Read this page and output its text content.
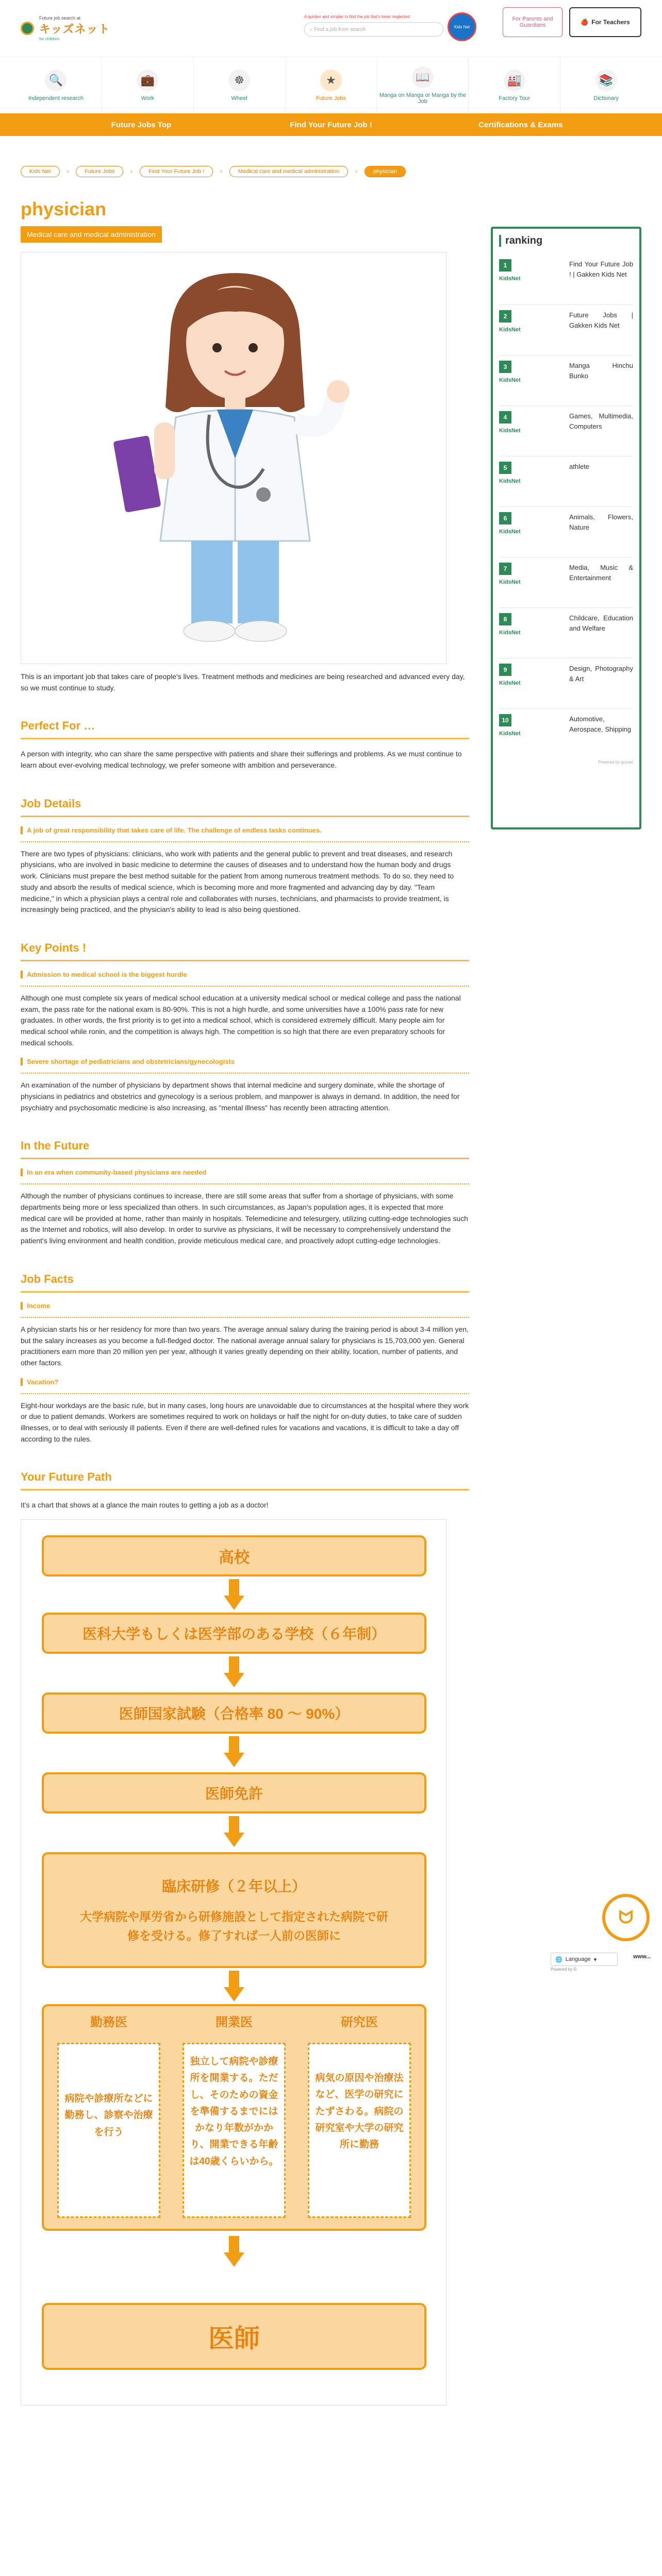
Future job search at
キッズネット
for children
A quicker and simpler to find the job that's been neglected
⌕
Find a job from search	Kids Net
For Parents and Guardians	🍎 For Teachers
🔍
Independent research
💼
Work
☸
Wheel
★
Future Jobs
📖
Manga on Manga or Manga by the Job
🏭
Factory Tour
📚
Dictionary
Future Jobs Top	Find Your Future Job !	Certifications & Exams
Kids Net	›	Future Jobs	›	Find Your Future Job !	›	Medical care and medical administration	›	physician
physician
Medical care and medical administration

This is an important job that takes care of people's lives. Treatment methods and medicines are being researched and advanced every day, so we must continue to study.

Perfect For …

A person with integrity, who can share the same perspective with patients and share their sufferings and problems. As we must continue to learn about ever-evolving medical technology, we prefer someone with ambition and perseverance.

Job Details
A job of great responsibility that takes care of life. The challenge of endless tasks continues.

There are two types of physicians: clinicians, who work with patients and the general public to prevent and treat diseases, and research physicians, who are involved in basic medicine to determine the causes of diseases and to understand how the human body and drugs work. Clinicians must prepare the best method suitable for the patient from among numerous treatment methods. To do so, they need to study and absorb the results of medical science, which is becoming more and more fragmented and advancing day by day. "Team medicine," in which a physician plays a central role and collaborates with nurses, technicians, and pharmacists to provide treatment, is increasingly being practiced, and the physician's ability to lead is also being questioned.

Key Points !
Admission to medical school is the biggest hurdle

Although one must complete six years of medical school education at a university medical school or medical college and pass the national exam, the pass rate for the national exam is 80-90%. This is not a high hurdle, and some universities have a 100% pass rate for new graduates. In other words, the first priority is to get into a medical school, which is considered extremely difficult. Many people aim for medical school while ronin, and the competition is always high. The competition is so high that there are even preparatory schools for medical schools.

Severe shortage of pediatricians and obstetricians/gynecologists

An examination of the number of physicians by department shows that internal medicine and surgery dominate, while the shortage of physicians in pediatrics and obstetrics and gynecology is a serious problem, and manpower is always in demand. In addition, the need for psychiatry and psychosomatic medicine is also increasing, as "mental illness" has recently been attracting attention.

In the Future
In an era when community-based physicians are needed

Although the number of physicians continues to increase, there are still some areas that suffer from a shortage of physicians, with some departments being more or less specialized than others. In such circumstances, as Japan's population ages, it is expected that more medical care will be provided at home, rather than mainly in hospitals. Telemedicine and telesurgery, utilizing cutting-edge technologies such as the Internet and robotics, will also develop. In order to survive as physicians, it will be necessary to comprehensively understand the patient's living environment and health condition, provide meticulous medical care, and proactively adopt cutting-edge technologies.

Job Facts
Income

A physician starts his or her residency for more than two years. The average annual salary during the training period is about 3-4 million yen, but the salary increases as you become a full-fledged doctor. The national average annual salary for physicians is 15,703,000 yen. General practitioners earn more than 20 million yen per year, although it varies greatly depending on their ability, location, number of patients, and other factors.

Vacation?

Eight-hour workdays are the basic rule, but in many cases, long hours are unavoidable due to circumstances at the hospital where they work or due to patient demands. Workers are sometimes required to work on holidays or half the night for on-duty duties, to take care of sudden illnesses, or to deal with seriously ill patients. Even if there are well-defined rules for vacations and vacations, it is difficult to take a day off according to the rules.

Your Future Path

It's a chart that shows at a glance the main routes to getting a job as a doctor!

高校
医科大学もしくは医学部のある学校（６年制）
医師国家試験（合格率 80 ～ 90%）
医師免許
臨床研修（２年以上）
大学病院や厚労省から研修施設として指定された病院で研修を受ける。修了すれば一人前の医師に
勤務医	開業医	研究医
病院や診療所などに勤務し、診察や治療を行う
独立して病院や診療所を開業する。ただし、そのための資金を準備するまでにはかなり年数がかかり、開業できる年齢は40歳くらいから。
病気の原因や治療法など、医学の研究にたずさわる。病院の研究室や大学の研究所に勤務
医師
ranking
1
KidsNet
Find Your Future Job ! | Gakken Kids Net
2
KidsNet
Future Jobs | Gakken Kids Net
3
KidsNet
Manga Hinchu Bunko
4
KidsNet
Games, Multimedia, Computers
5
KidsNet
athlete
6
KidsNet
Animals, Flowers, Nature
7
KidsNet
Media, Music & Entertainment
8
KidsNet
Childcare, Education and Welfare
9
KidsNet
Design, Photography & Art
10
KidsNet
Automotive, Aerospace, Shipping
Powered by gusset
ᗢ
🌐 Language ▾
Powered by G
www...
